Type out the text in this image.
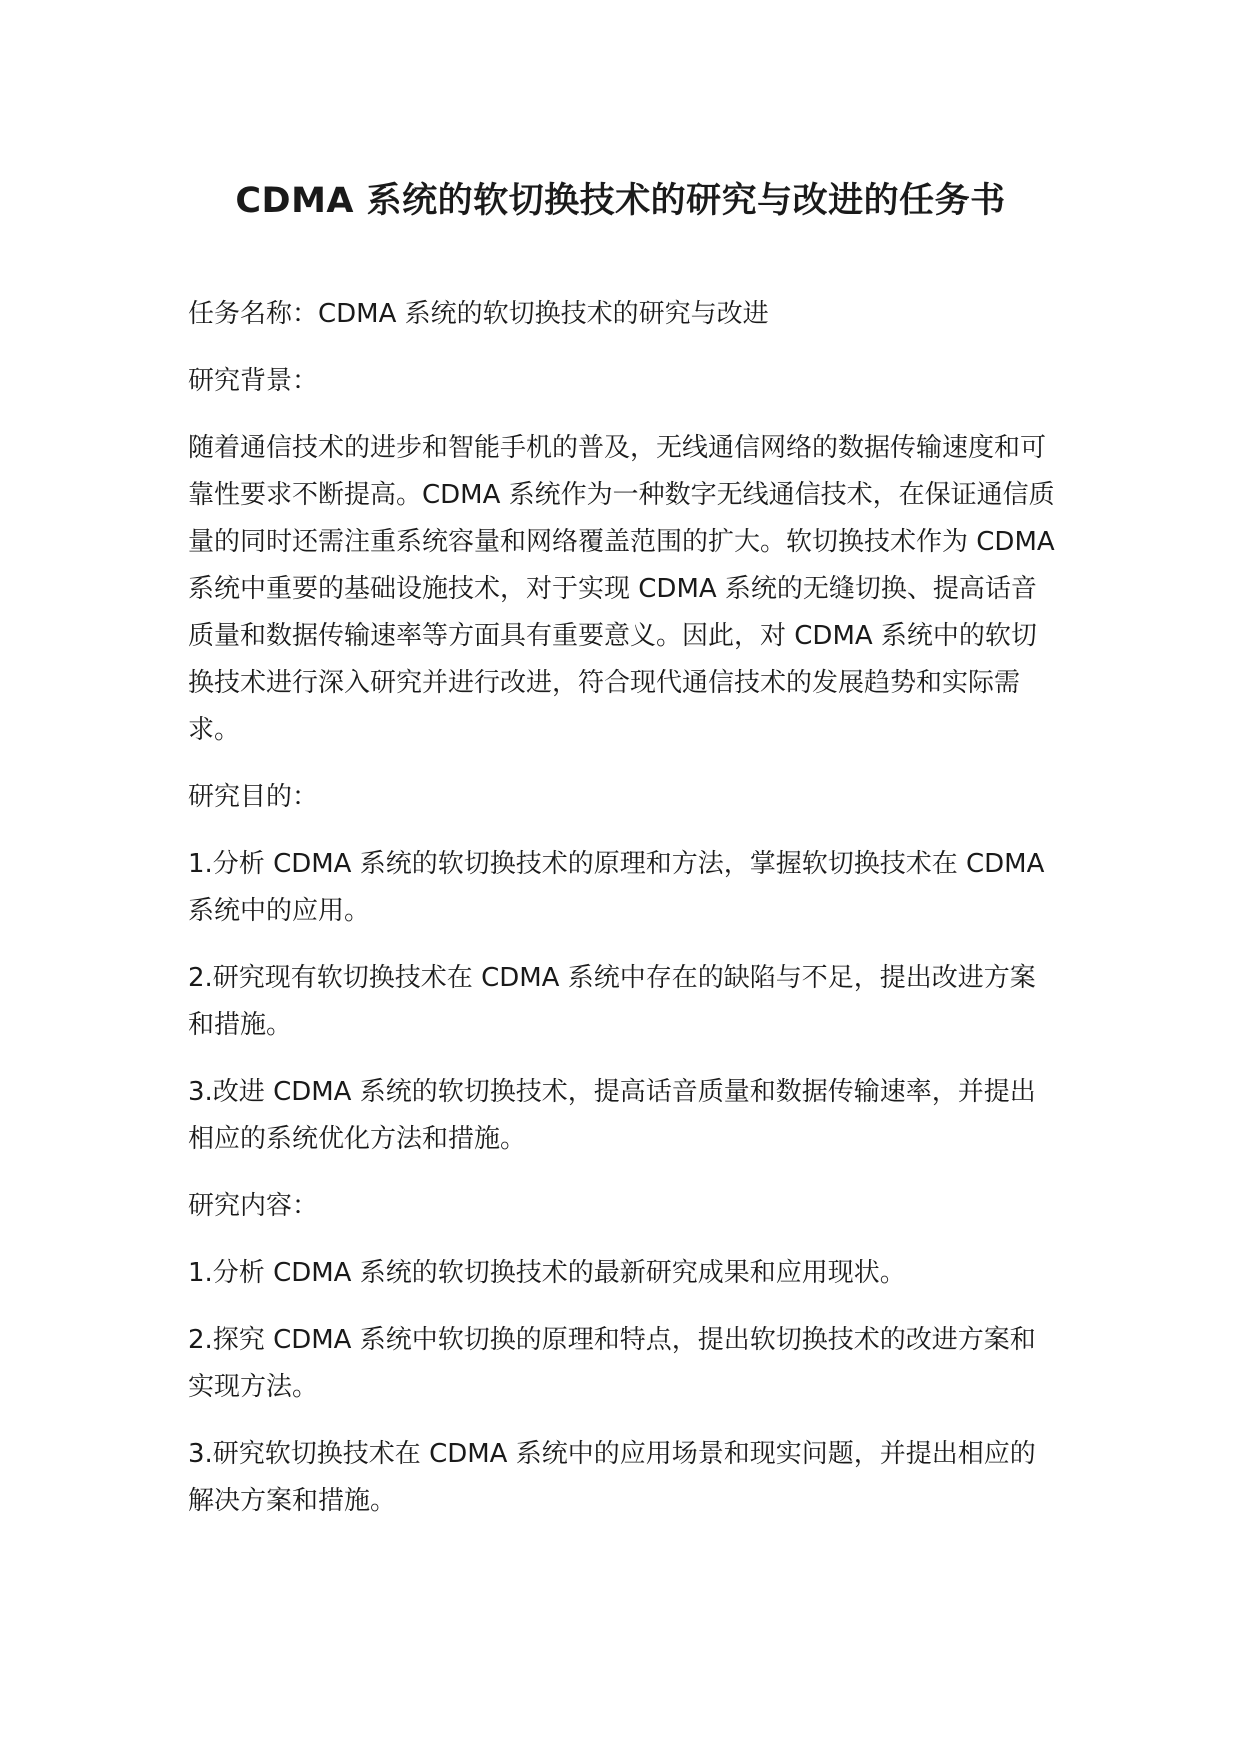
CDMA 系统的软切换技术的研究与改进的任务书

任务名称：CDMA 系统的软切换技术的研究与改进

研究背景：

随着通信技术的进步和智能手机的普及，无线通信网络的数据传输速度和可靠性要求不断提高。CDMA 系统作为一种数字无线通信技术，在保证通信质量的同时还需注重系统容量和网络覆盖范围的扩大。软切换技术作为 CDMA 系统中重要的基础设施技术，对于实现 CDMA 系统的无缝切换、提高话音质量和数据传输速率等方面具有重要意义。因此，对 CDMA 系统中的软切换技术进行深入研究并进行改进，符合现代通信技术的发展趋势和实际需求。

研究目的：

1.分析 CDMA 系统的软切换技术的原理和方法，掌握软切换技术在 CDMA 系统中的应用。

2.研究现有软切换技术在 CDMA 系统中存在的缺陷与不足，提出改进方案和措施。

3.改进 CDMA 系统的软切换技术，提高话音质量和数据传输速率，并提出相应的系统优化方法和措施。

研究内容：

1.分析 CDMA 系统的软切换技术的最新研究成果和应用现状。

2.探究 CDMA 系统中软切换的原理和特点，提出软切换技术的改进方案和实现方法。

3.研究软切换技术在 CDMA 系统中的应用场景和现实问题，并提出相应的解决方案和措施。
